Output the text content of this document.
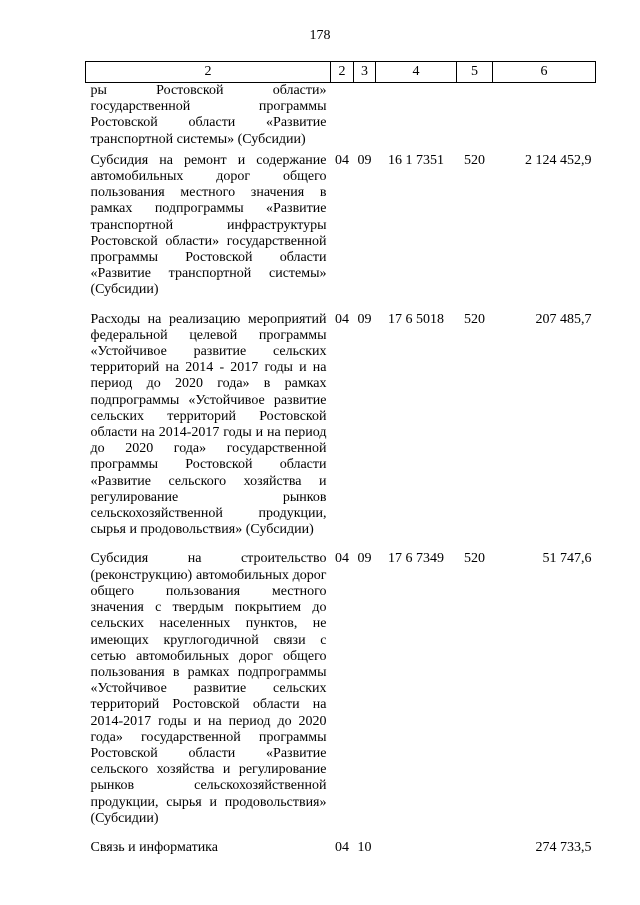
178
2	2	3	4	5	6
ры Ростовской области» государственной программы Ростовской области «Развитие транспортной системы» (Субсидии)					
Субсидия на ремонт и содержание автомобильных дорог общего пользования местного значения в рамках подпрограммы «Развитие транспортной инфраструктуры Ростовской области» государственной программы Ростовской области «Развитие транспортной системы» (Субсидии)	04	09	16 1 7351	520	2 124 452,9
Расходы на реализацию мероприятий федеральной целевой программы «Устойчивое развитие сельских территорий на 2014 - 2017 годы и на период до 2020 года» в рамках подпрограммы «Устойчивое развитие сельских территорий Ростовской области на 2014-2017 годы и на период до 2020 года» государственной программы Ростовской области «Развитие сельского хозяйства и регулирование рынков сельскохозяйственной продукции, сырья и продовольствия» (Субсидии)	04	09	17 6 5018	520	207 485,7
Субсидия на строительство (реконструкцию) автомобильных дорог общего пользования местного значения с твердым покрытием до сельских населенных пунктов, не имеющих круглогодичной связи с сетью автомобильных дорог общего пользования в рамках подпрограммы «Устойчивое развитие сельских территорий Ростовской области на 2014-2017 годы и на период до 2020 года» государственной программы Ростовской области «Развитие сельского хозяйства и регулирование рынков сельскохозяйственной продукции, сырья и продовольствия» (Субсидии)	04	09	17 6 7349	520	51 747,6
Связь и информатика	04	10			274 733,5
